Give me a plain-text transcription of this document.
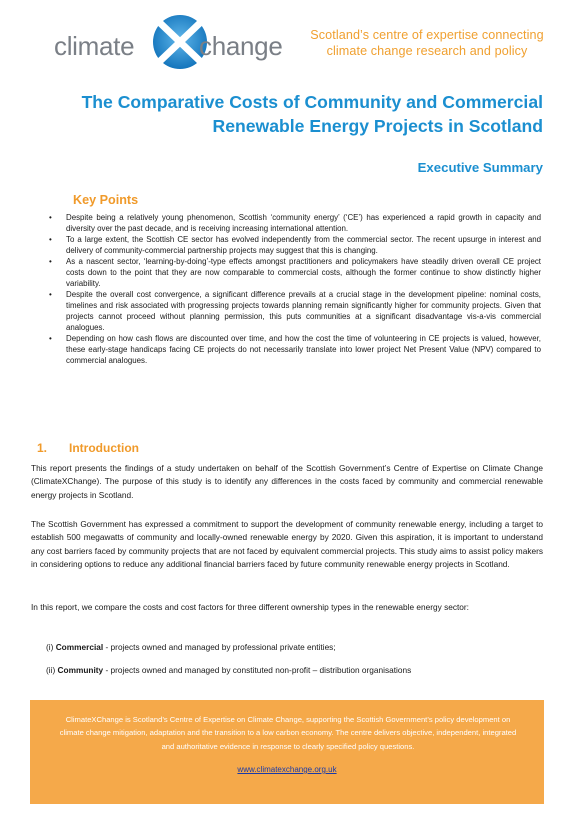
climate change	Scotland’s centre of expertise connecting
climate change research and policy
The Comparative Costs of Community and Commercial
Renewable Energy Projects in Scotland
Executive Summary
Key Points
• Despite being a relatively young phenomenon, Scottish ‘community energy’ (‘CE’) has experienced a rapid growth in capacity and diversity over the past decade, and is receiving increasing international attention.
• To a large extent, the Scottish CE sector has evolved independently from the commercial sector. The recent upsurge in interest and delivery of community-commercial partnership projects may suggest that this is changing.
• As a nascent sector, ‘learning-by-doing’-type effects amongst practitioners and policymakers have steadily driven overall CE project costs down to the point that they are now comparable to commercial costs, although the former continue to show distinctly higher variability.
• Despite the overall cost convergence, a significant difference prevails at a crucial stage in the development pipeline: nominal costs, timelines and risk associated with progressing projects towards planning remain significantly higher for community projects. Given that projects cannot proceed without planning permission, this puts communities at a significant disadvantage vis-a-vis commercial analogues.
• Depending on how cash flows are discounted over time, and how the cost the time of volunteering in CE projects is valued, however, these early-stage handicaps facing CE projects do not necessarily translate into lower project Net Present Value (NPV) compared to commercial analogues.
1. Introduction
This report presents the findings of a study undertaken on behalf of the Scottish Government’s Centre of Expertise on Climate Change (ClimateXChange). The purpose of this study is to identify any differences in the costs faced by community and commercial renewable energy projects in Scotland.
The Scottish Government has expressed a commitment to support the development of community renewable energy, including a target to establish 500 megawatts of community and locally-owned renewable energy by 2020. Given this aspiration, it is important to understand any cost barriers faced by community projects that are not faced by equivalent commercial projects. This study aims to assist policy makers in considering options to reduce any additional financial barriers faced by future community renewable energy projects in Scotland.
In this report, we compare the costs and cost factors for three different ownership types in the renewable energy sector:
(i) Commercial - projects owned and managed by professional private entities;
(ii) Community - projects owned and managed by constituted non-profit – distribution organisations
ClimateXChange is Scotland’s Centre of Expertise on Climate Change, supporting the Scottish Government’s policy development on climate change mitigation, adaptation and the transition to a low carbon economy. The centre delivers objective, independent, integrated and authoritative evidence in response to clearly specified policy questions.
www.climatexchange.org.uk
